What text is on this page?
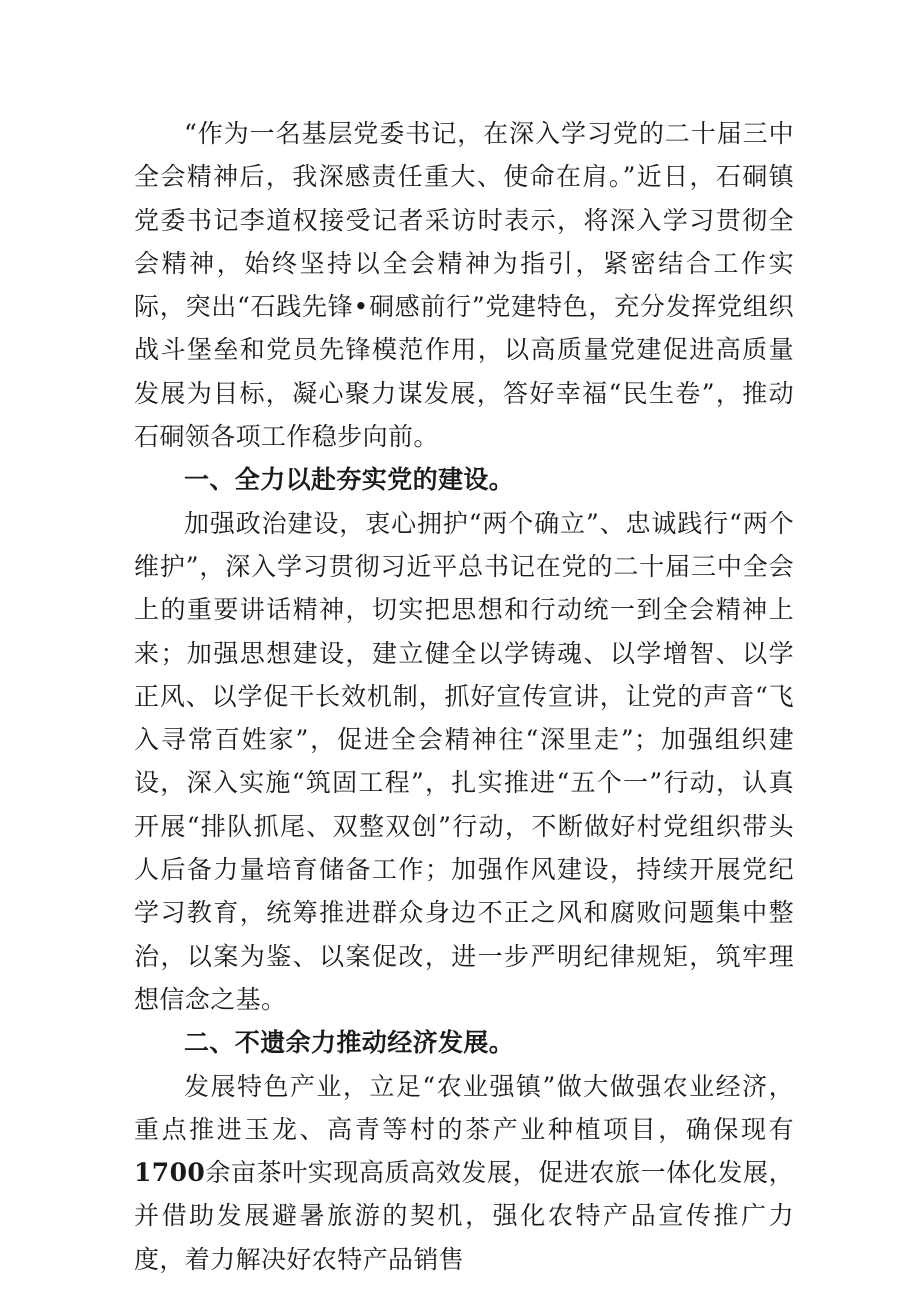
“作为一名基层党委书记，在深入学习党的二十届三中全会精神后，我深感责任重大、使命在肩。”近日，石硐镇党委书记李道权接受记者采访时表示，将深入学习贯彻全会精神，始终坚持以全会精神为指引，紧密结合工作实际，突出“石践先锋•硐感前行”党建特色，充分发挥党组织战斗堡垒和党员先锋模范作用，以高质量党建促进高质量发展为目标，凝心聚力谋发展，答好幸福“民生卷”，推动石硐领各项工作稳步向前。

一、全力以赴夯实党的建设。

加强政治建设，衷心拥护“两个确立”、忠诚践行“两个维护”，深入学习贯彻习近平总书记在党的二十届三中全会上的重要讲话精神，切实把思想和行动统一到全会精神上来；加强思想建设，建立健全以学铸魂、以学增智、以学正风、以学促干长效机制，抓好宣传宣讲，让党的声音“飞入寻常百姓家”，促进全会精神往“深里走”；加强组织建设，深入实施“筑固工程”，扎实推进“五个一”行动，认真开展“排队抓尾、双整双创”行动，不断做好村党组织带头人后备力量培育储备工作；加强作风建设，持续开展党纪学习教育，统筹推进群众身边不正之风和腐败问题集中整治，以案为鉴、以案促改，进一步严明纪律规矩，筑牢理想信念之基。

二、不遗余力推动经济发展。

发展特色产业，立足“农业强镇”做大做强农业经济，重点推进玉龙、高青等村的茶产业种植项目，确保现有1700余亩茶叶实现高质高效发展，促进农旅一体化发展，并借助发展避暑旅游的契机，强化农特产品宣传推广力度，着力解决好农特产品销售
